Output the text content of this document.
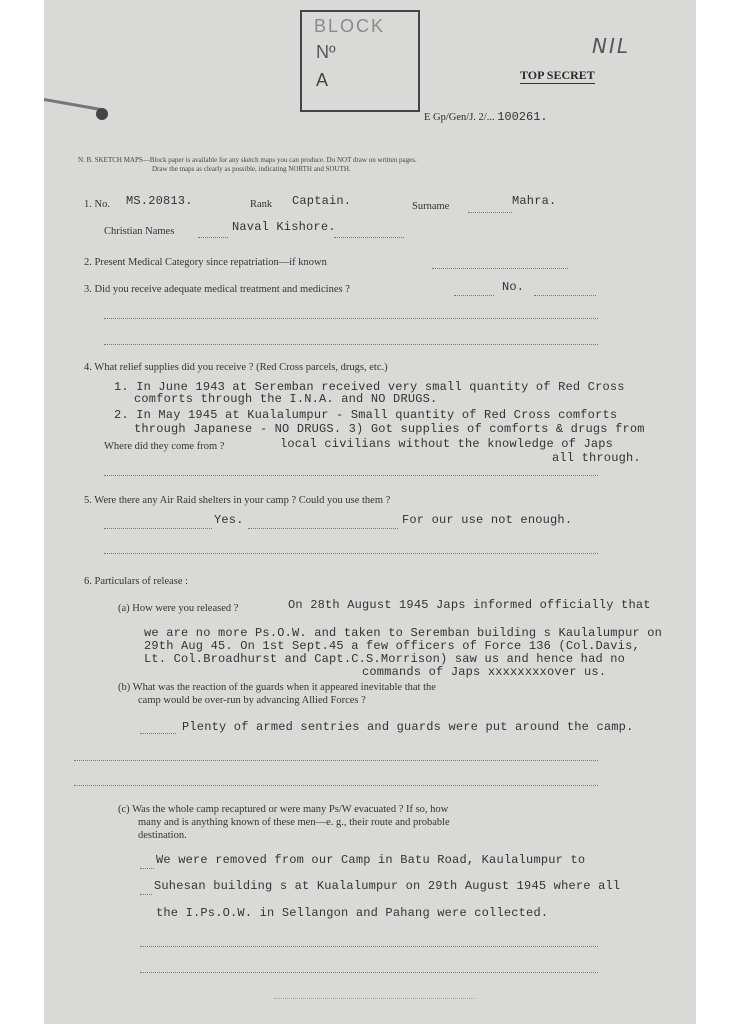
BLOCK
Nº
A
NIL
TOP SECRET
E Gp/Gen/J. 2/... 100261.
N. B. SKETCH MAPS—Block paper is available for any sketch maps you can produce. Do NOT draw on written pages.
Draw the maps as clearly as possible, indicating NORTH and SOUTH.
1. No. MS.20813.	Rank Captain.	Surname	Mahra.
Christian Names	Naval Kishore.
2. Present Medical Category since repatriation—if known
3. Did you receive adequate medical treatment and medicines ?	No.
4. What relief supplies did you receive ? (Red Cross parcels, drugs, etc.)
1. In June 1943 at Seremban received very small quantity of Red Cross
comforts through the I.N.A. and NO DRUGS.
2. In May 1945 at Kualalumpur - Small quantity of Red Cross comforts
through Japanese - NO DRUGS. 3) Got supplies of comforts & drugs from
Where did they come from ?	local civilians without the knowledge of Japs
all through.
5. Were there any Air Raid shelters in your camp ? Could you use them ?
Yes.	For our use not enough.
6. Particulars of release :
(a) How were you released ?	On 28th August 1945 Japs informed officially that
we are no more Ps.O.W. and taken to Seremban building s Kaulalumpur on
29th Aug 45. On 1st Sept.45 a few officers of Force 136 (Col.Davis,
Lt. Col.Broadhurst and Capt.C.S.Morrison) saw us and hence had no
commands of Japs xxxxxxxxover us.
(b) What was the reaction of the guards when it appeared inevitable that the
camp would be over-run by advancing Allied Forces ?
Plenty of armed sentries and guards were put around the camp.
(c) Was the whole camp recaptured or were many Ps/W evacuated ? If so, how
many and is anything known of these men—e. g., their route and probable
destination.
We were removed from our Camp in Batu Road, Kaulalumpur to
Suhesan building s at Kualalumpur on 29th August 1945 where all
the I.Ps.O.W. in Sellangon and Pahang were collected.
